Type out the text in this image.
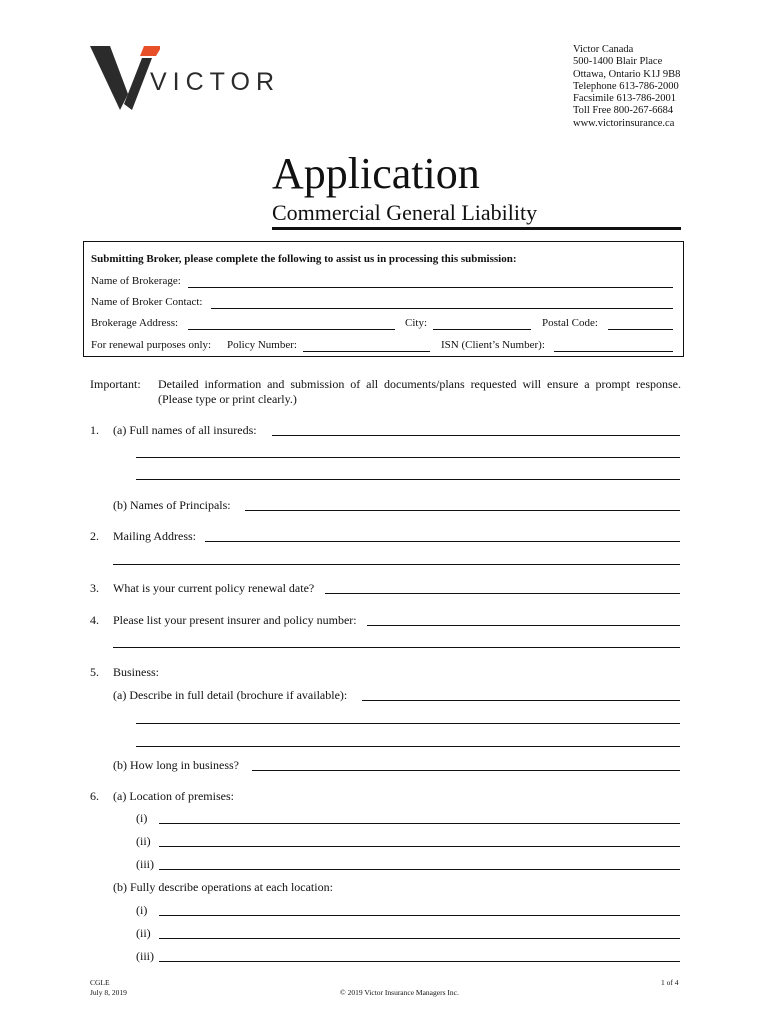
VICTOR
Victor Canada
500-1400 Blair Place
Ottawa, Ontario K1J 9B8
Telephone 613-786-2000
Facsimile 613-786-2001
Toll Free 800-267-6684
www.victorinsurance.ca
Application
Commercial General Liability
Submitting Broker, please complete the following to assist us in processing this submission:
Name of Brokerage:
Name of Broker Contact:
Brokerage Address:	City:	Postal Code:
For renewal purposes only: Policy Number:	ISN (Client’s Number):
Important: Detailed information and submission of all documents/plans requested will ensure a prompt response.
(Please type or print clearly.)
1. (a) Full names of all insureds:
(b) Names of Principals:
2. Mailing Address:
3. What is your current policy renewal date?
4. Please list your present insurer and policy number:
5. Business:
(a) Describe in full detail (brochure if available):
(b) How long in business?
6. (a) Location of premises:
(i)
(ii)
(iii)
(b) Fully describe operations at each location:
(i)
(ii)
(iii)
CGLE
July 8, 2019	© 2019 Victor Insurance Managers Inc.
1 of 4
